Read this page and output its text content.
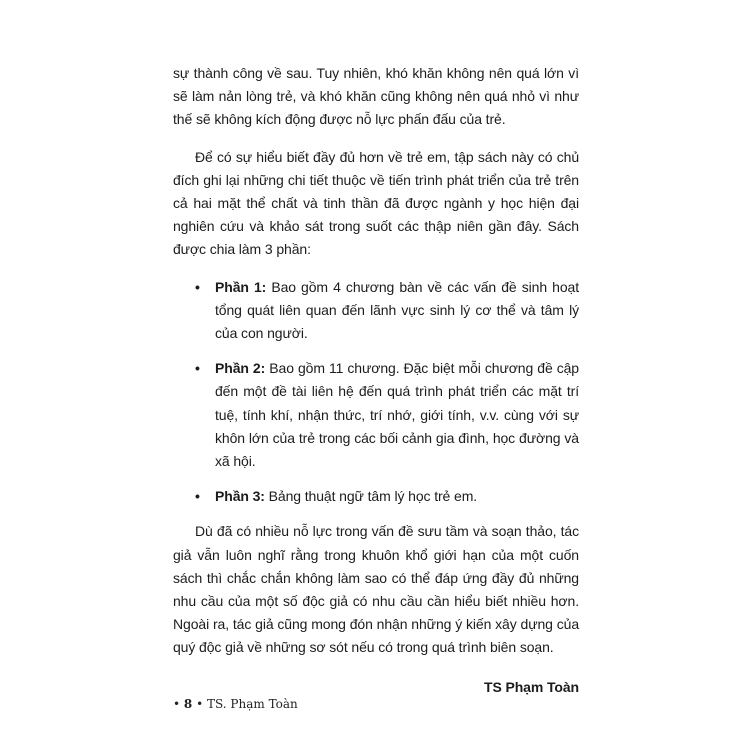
sự thành công về sau. Tuy nhiên, khó khăn không nên quá lớn vì sẽ làm nản lòng trẻ, và khó khăn cũng không nên quá nhỏ vì như thế sẽ không kích động được nỗ lực phấn đấu của trẻ.

Để có sự hiểu biết đầy đủ hơn về trẻ em, tập sách này có chủ đích ghi lại những chi tiết thuộc về tiến trình phát triển của trẻ trên cả hai mặt thể chất và tinh thần đã được ngành y học hiện đại nghiên cứu và khảo sát trong suốt các thập niên gần đây. Sách được chia làm 3 phần:

• Phần 1: Bao gồm 4 chương bàn về các vấn đề sinh hoạt tổng quát liên quan đến lãnh vực sinh lý cơ thể và tâm lý của con người.
• Phần 2: Bao gồm 11 chương. Đặc biệt mỗi chương đề cập đến một đề tài liên hệ đến quá trình phát triển các mặt trí tuệ, tính khí, nhận thức, trí nhớ, giới tính, v.v. cùng với sự khôn lớn của trẻ trong các bối cảnh gia đình, học đường và xã hội.
• Phần 3: Bảng thuật ngữ tâm lý học trẻ em.

Dù đã có nhiều nỗ lực trong vấn đề sưu tầm và soạn thảo, tác giả vẫn luôn nghĩ rằng trong khuôn khổ giới hạn của một cuốn sách thì chắc chắn không làm sao có thể đáp ứng đầy đủ những nhu cầu của một số độc giả có nhu cầu cần hiểu biết nhiều hơn. Ngoài ra, tác giả cũng mong đón nhận những ý kiến xây dựng của quý độc giả về những sơ sót nếu có trong quá trình biên soạn.

TS Phạm Toàn
• 8 • TS. Phạm Toàn
